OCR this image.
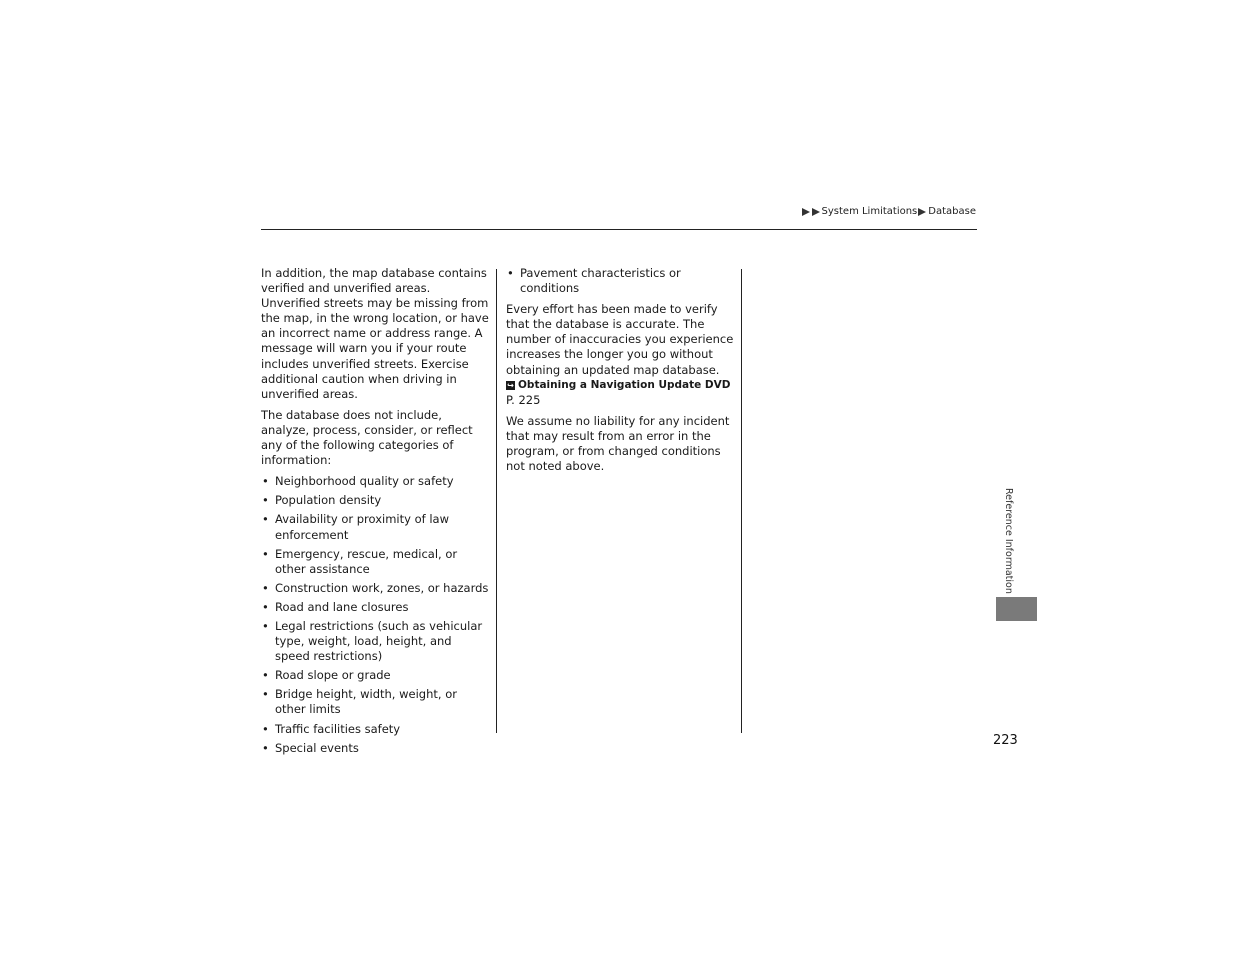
System Limitations Database

In addition, the map database contains verified and unverified areas. Unverified streets may be missing from the map, in the wrong location, or have an incorrect name or address range. A message will warn you if your route includes unverified streets. Exercise additional caution when driving in unverified areas.

The database does not include, analyze, process, consider, or reflect any of the following categories of information:

• Neighborhood quality or safety
• Population density
• Availability or proximity of law enforcement
• Emergency, rescue, medical, or other assistance
• Construction work, zones, or hazards
• Road and lane closures
• Legal restrictions (such as vehicular type, weight, load, height, and speed restrictions)
• Road slope or grade
• Bridge height, width, weight, or other limits
• Traffic facilities safety
• Special events
• Pavement characteristics or conditions

Every effort has been made to verify that the database is accurate. The number of inaccuracies you experience increases the longer you go without obtaining an updated map database.

↪ Obtaining a Navigation Update DVD

P. 225

We assume no liability for any incident that may result from an error in the program, or from changed conditions not noted above.

Reference Information
223
